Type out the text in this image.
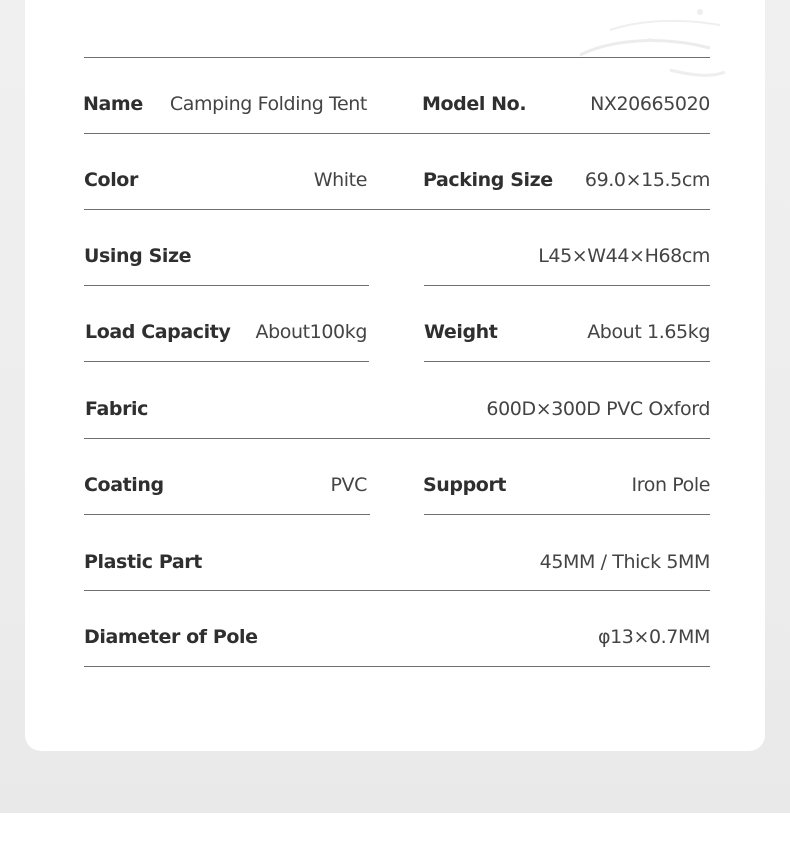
Name Camping Folding Tent	Model No.	NX20665020
Color	White	Packing Size 69.0×15.5cm
Using Size	L45×W44×H68cm
Load Capacity About100kg	Weight	About 1.65kg
Fabric	600D×300D PVC Oxford
Coating	PVC	Support	Iron Pole
Plastic Part	45MM / Thick 5MM
Diameter of Pole	φ13×0.7MM
